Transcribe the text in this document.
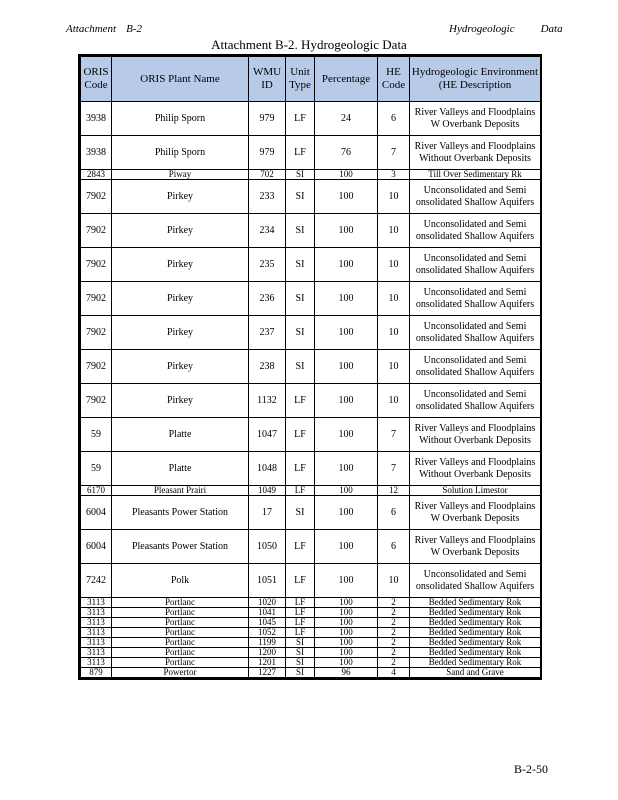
Attachment B-2	Hydrogeologic Data
Attachment B-2. Hydrogeologic Data
ORIS Code	ORIS Plant Name	WMU ID	Unit Type	Percentage	HE Code	Hydrogeologic Environment (HE Description
3938	Philip Sporn	979	LF	24	6	River Valleys and Floodplains W Overbank Deposits
3938	Philip Sporn	979	LF	76	7	River Valleys and Floodplains Without Overbank Deposits
2843	Piway	702	SI	100	3	Till Over Sedimentary Rk
7902	Pirkey	233	SI	100	10	Unconsolidated and Semi onsolidated Shallow Aquifers
7902	Pirkey	234	SI	100	10	Unconsolidated and Semi onsolidated Shallow Aquifers
7902	Pirkey	235	SI	100	10	Unconsolidated and Semi onsolidated Shallow Aquifers
7902	Pirkey	236	SI	100	10	Unconsolidated and Semi onsolidated Shallow Aquifers
7902	Pirkey	237	SI	100	10	Unconsolidated and Semi onsolidated Shallow Aquifers
7902	Pirkey	238	SI	100	10	Unconsolidated and Semi onsolidated Shallow Aquifers
7902	Pirkey	1132	LF	100	10	Unconsolidated and Semi onsolidated Shallow Aquifers
59	Platte	1047	LF	100	7	River Valleys and Floodplains Without Overbank Deposits
59	Platte	1048	LF	100	7	River Valleys and Floodplains Without Overbank Deposits
6170	Pleasant Prairi	1049	LF	100	12	Solution Limestor
6004	Pleasants Power Station	17	SI	100	6	River Valleys and Floodplains W Overbank Deposits
6004	Pleasants Power Station	1050	LF	100	6	River Valleys and Floodplains W Overbank Deposits
7242	Polk	1051	LF	100	10	Unconsolidated and Semi onsolidated Shallow Aquifers
3113	Portlanc	1020	LF	100	2	Bedded Sedimentary Rok
3113	Portlanc	1041	LF	100	2	Bedded Sedimentary Rok
3113	Portlanc	1045	LF	100	2	Bedded Sedimentary Rok
3113	Portlanc	1052	LF	100	2	Bedded Sedimentary Rok
3113	Portlanc	1199	SI	100	2	Bedded Sedimentary Rok
3113	Portlanc	1200	SI	100	2	Bedded Sedimentary Rok
3113	Portlanc	1201	SI	100	2	Bedded Sedimentary Rok
879	Powertor	1227	SI	96	4	Sand and Grave
B-2-50
